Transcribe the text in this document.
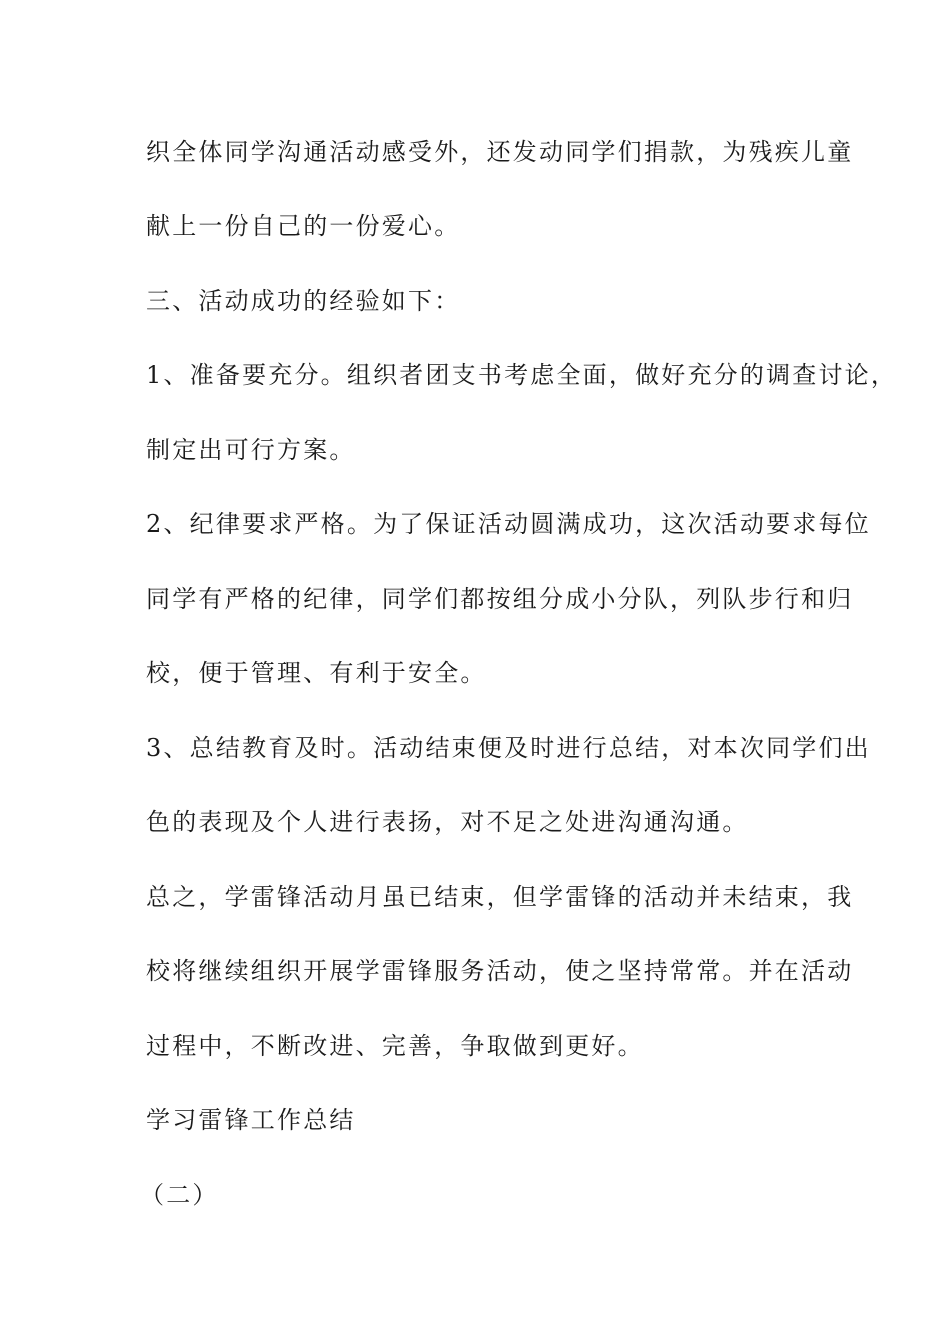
织全体同学沟通活动感受外，还发动同学们捐款，为残疾儿童
献上一份自己的一份爱心。
三、活动成功的经验如下：
1、准备要充分。组织者团支书考虑全面，做好充分的调查讨论，
制定出可行方案。
2、纪律要求严格。为了保证活动圆满成功，这次活动要求每位
同学有严格的纪律，同学们都按组分成小分队，列队步行和归
校，便于管理、有利于安全。
3、总结教育及时。活动结束便及时进行总结，对本次同学们出
色的表现及个人进行表扬，对不足之处进沟通沟通。
总之，学雷锋活动月虽已结束，但学雷锋的活动并未结束，我
校将继续组织开展学雷锋服务活动，使之坚持常常。并在活动
过程中，不断改进、完善，争取做到更好。
学习雷锋工作总结
（二）
